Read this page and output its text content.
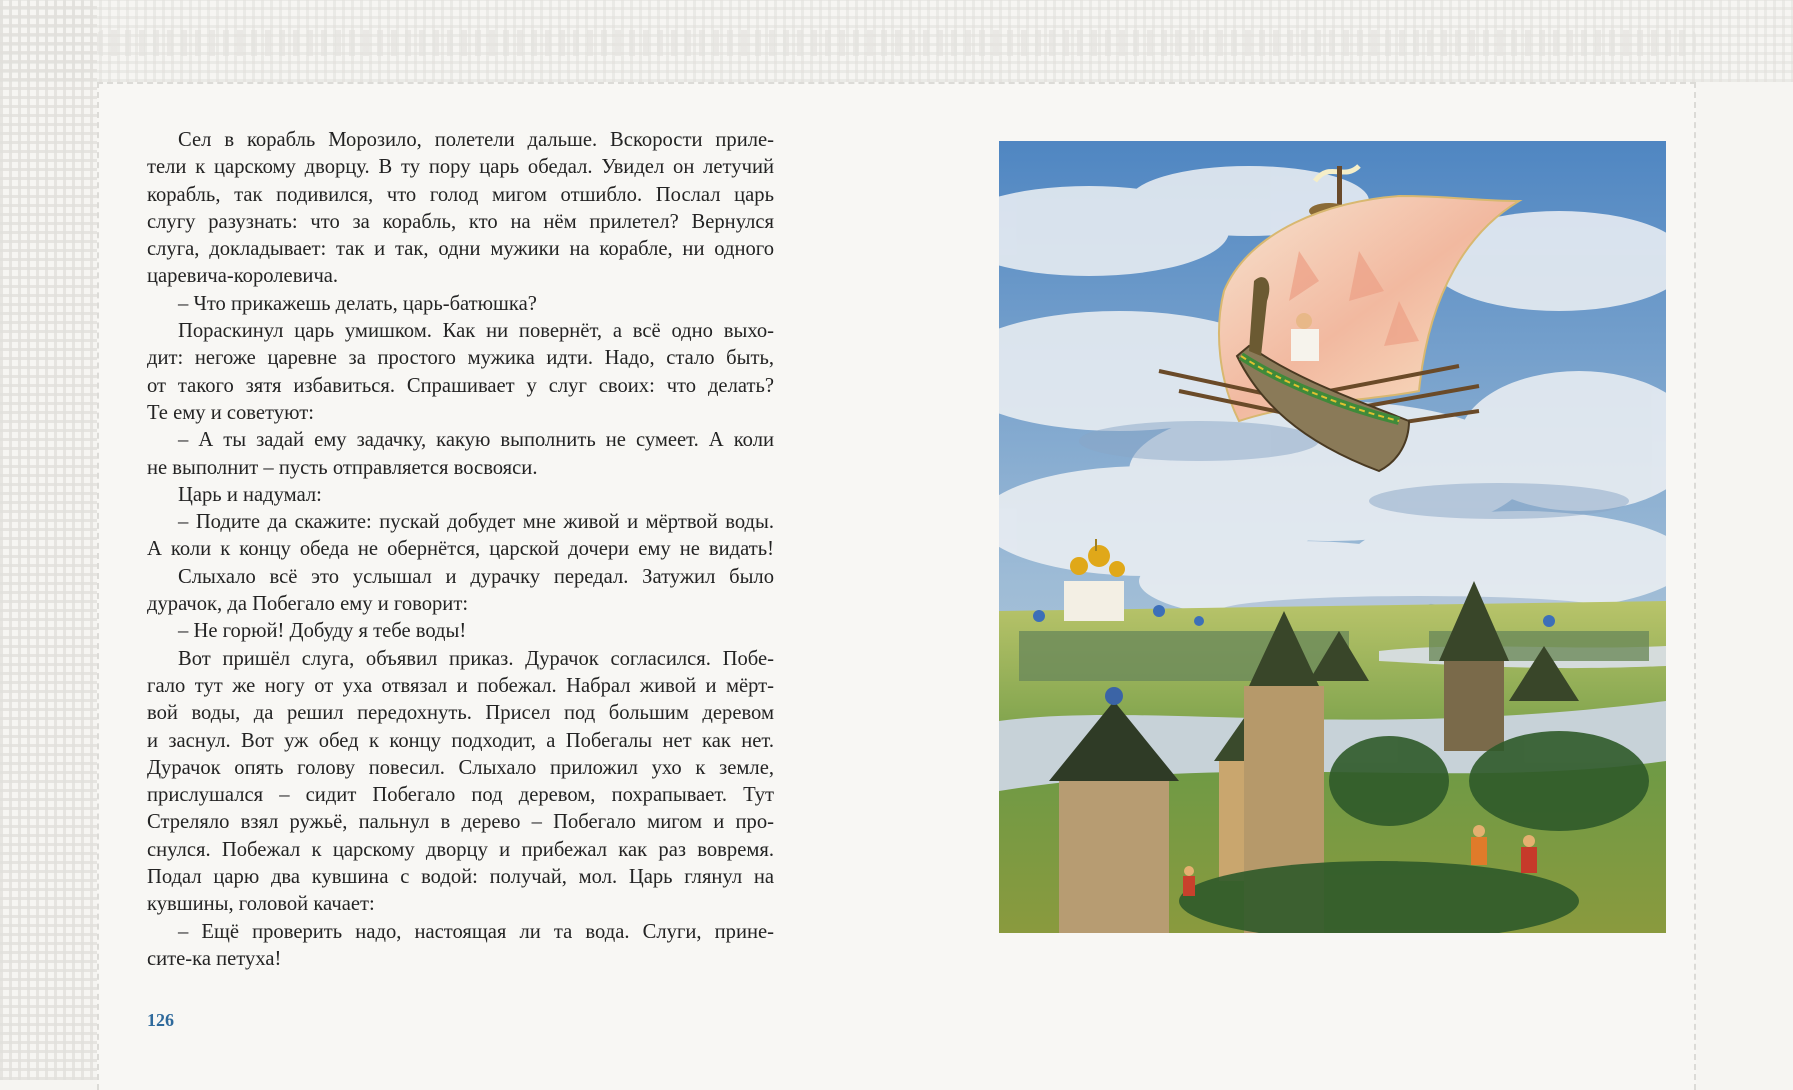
Сел в корабль Морозило, полетели дальше. Вскорости приле-
тели к царскому дворцу. В ту пору царь обедал. Увидел он летучий
корабль, так подивился, что голод мигом отшибло. Послал царь
слугу разузнать: что за корабль, кто на нём прилетел? Вернулся
слуга, докладывает: так и так, одни мужики на корабле, ни одного
царевича-королевича.
– Что прикажешь делать, царь-батюшка?
Пораскинул царь умишком. Как ни повернёт, а всё одно выхо-
дит: негоже царевне за простого мужика идти. Надо, стало быть,
от такого зятя избавиться. Спрашивает у слуг своих: что делать?
Те ему и советуют:
– А ты задай ему задачку, какую выполнить не сумеет. А коли
не выполнит – пусть отправляется восвояси.
Царь и надумал:
– Подите да скажите: пускай добудет мне живой и мёртвой воды.
А коли к концу обеда не обернётся, царской дочери ему не видать!
Слыхало всё это услышал и дурачку передал. Затужил было
дурачок, да Побегало ему и говорит:
– Не горюй! Добуду я тебе воды!
Вот пришёл слуга, объявил приказ. Дурачок согласился. Побе-
гало тут же ногу от уха отвязал и побежал. Набрал живой и мёрт-
вой воды, да решил передохнуть. Присел под большим деревом
и заснул. Вот уж обед к концу подходит, а Побегалы нет как нет.
Дурачок опять голову повесил. Слыхало приложил ухо к земле,
прислушался – сидит Побегало под деревом, похрапывает. Тут
Стреляло взял ружьё, пальнул в дерево – Побегало мигом и про-
снулся. Побежал к царскому дворцу и прибежал как раз вовремя.
Подал царю два кувшина с водой: получай, мол. Царь глянул на
кувшины, головой качает:
– Ещё проверить надо, настоящая ли та вода. Слуги, прине-
сите-ка петуха!
126
